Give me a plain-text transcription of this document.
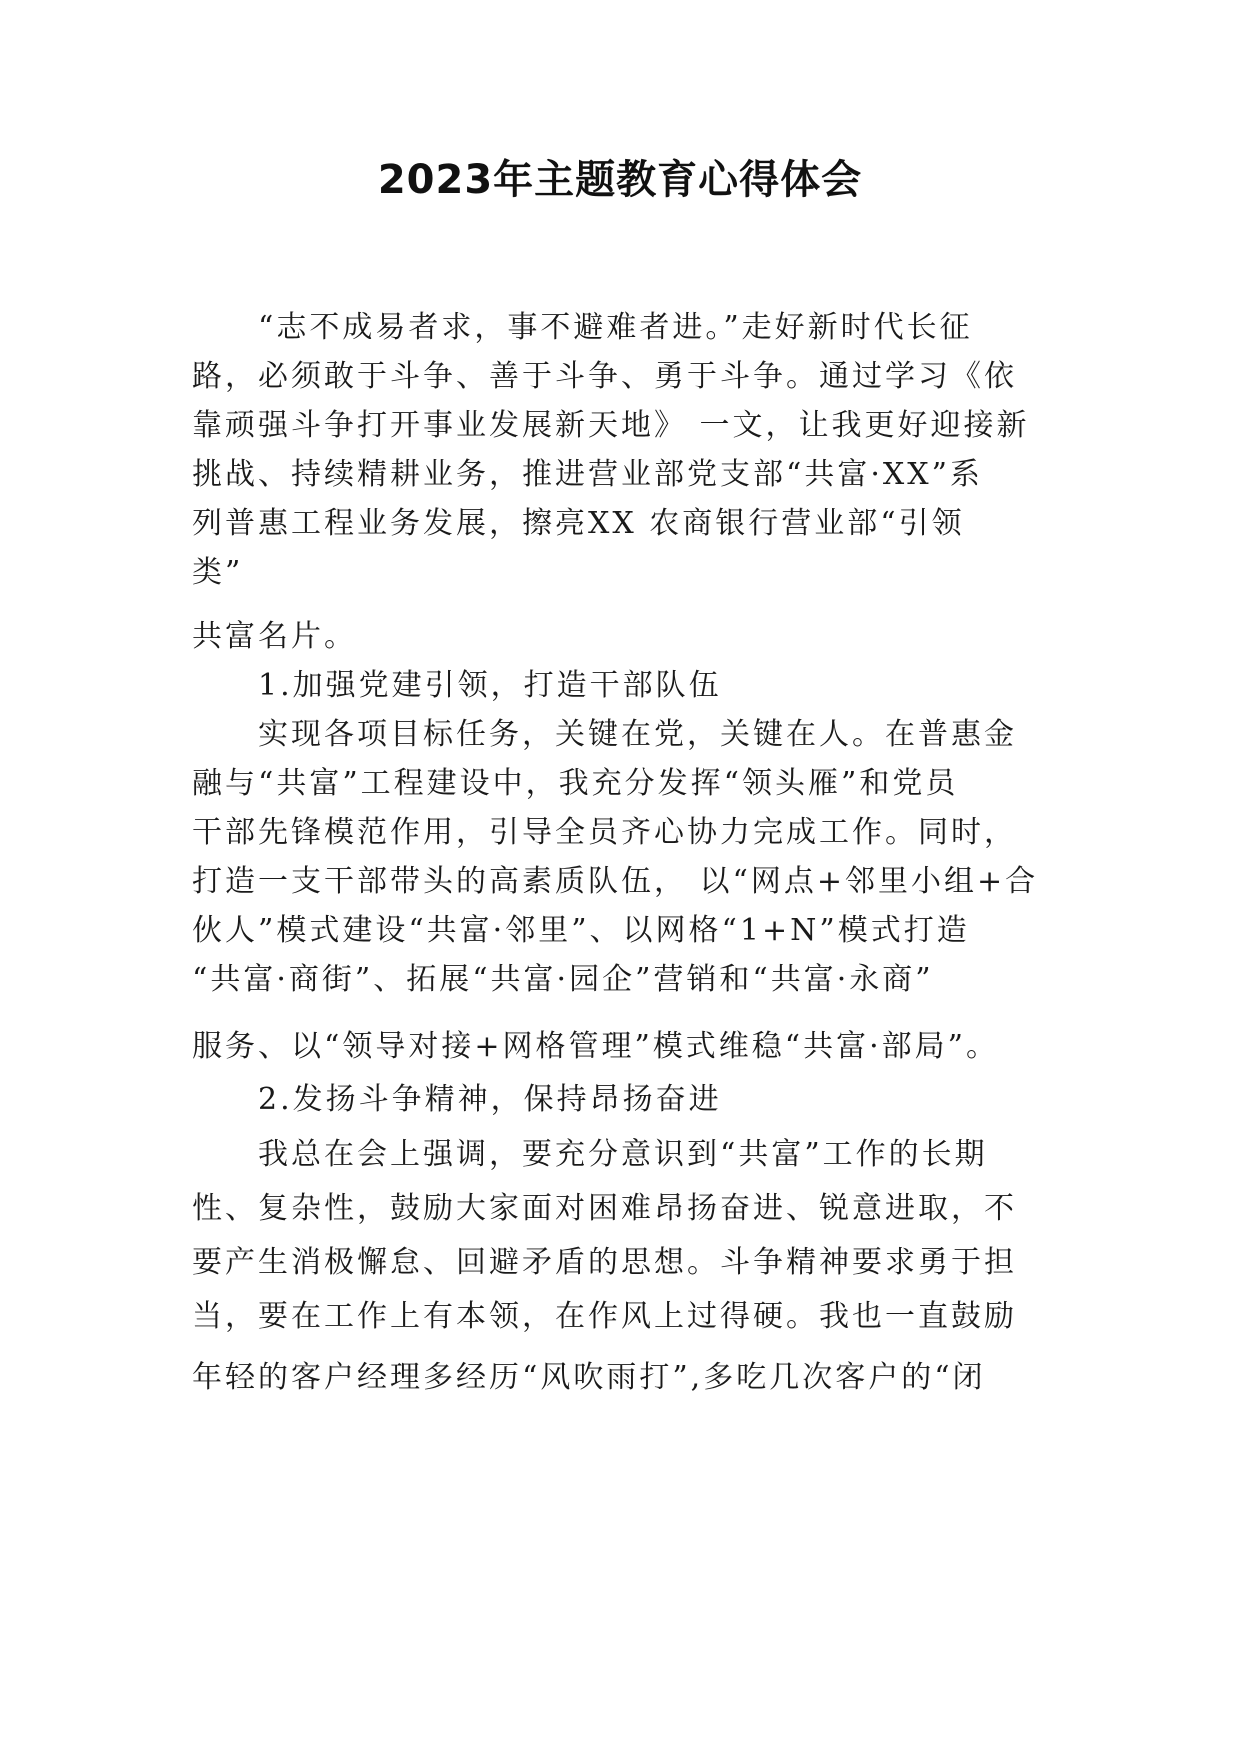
2023年主题教育心得体会
“志不成易者求，事不避难者进。”走好新时代长征
路，必须敢于斗争、善于斗争、勇于斗争。通过学习《依
靠顽强斗争打开事业发展新天地》 一文，让我更好迎接新
挑战、持续精耕业务，推进营业部党支部“共富·XX”系
列普惠工程业务发展，擦亮XX 农商银行营业部“引领
类”
共富名片。
1.加强党建引领，打造干部队伍
实现各项目标任务，关键在党，关键在人。在普惠金
融与“共富”工程建设中，我充分发挥“领头雁”和党员
干部先锋模范作用，引导全员齐心协力完成工作。同时，
打造一支干部带头的高素质队伍， 以“网点+邻里小组+合
伙人”模式建设“共富·邻里”、以网格“1+N”模式打造
“共富·商街”、拓展“共富·园企”营销和“共富·永商”
服务、以“领导对接+网格管理”模式维稳“共富·部局”。
2.发扬斗争精神，保持昂扬奋进
我总在会上强调，要充分意识到“共富”工作的长期
性、复杂性，鼓励大家面对困难昂扬奋进、锐意进取，不
要产生消极懈怠、回避矛盾的思想。斗争精神要求勇于担
当，要在工作上有本领，在作风上过得硬。我也一直鼓励
年轻的客户经理多经历“风吹雨打”,多吃几次客户的“闭
